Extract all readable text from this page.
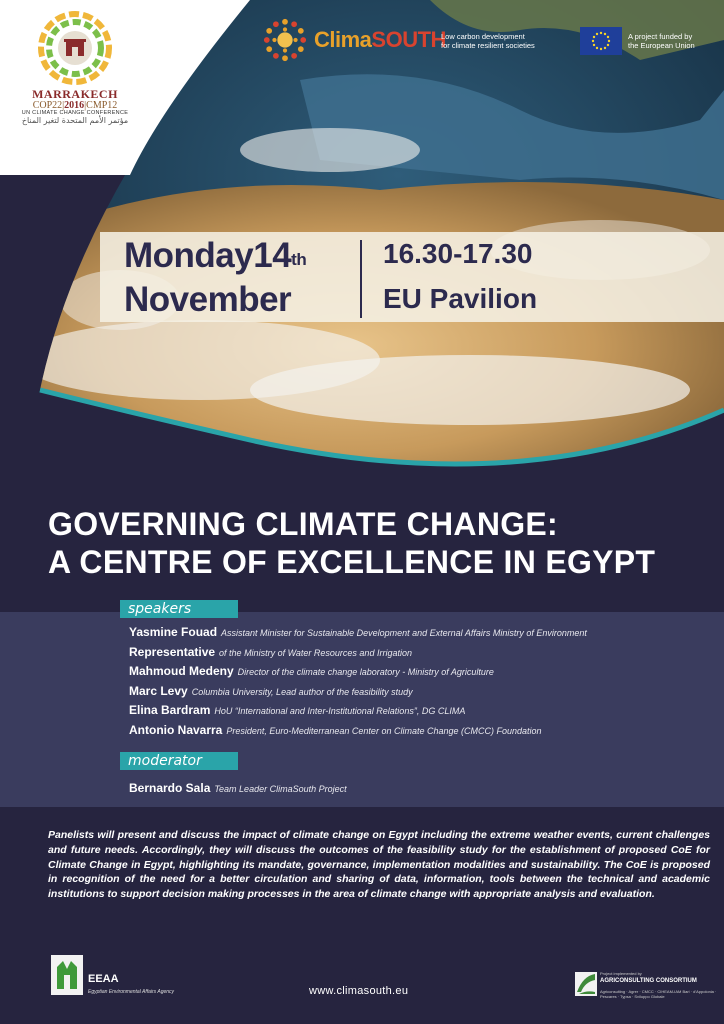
MARRAKECH
COP22|2016|CMP12
UN CLIMATE CHANGE CONFERENCE
مؤتمر الأمم المتحدة لتغير المناخ
ClimaSOUTH
Low carbon development
for climate resilient societies
A project funded by
the European Union
Monday14th
November
16.30-17.30
EU Pavilion
GOVERNING CLIMATE CHANGE:
A CENTRE OF EXCELLENCE IN EGYPT
speakers
Yasmine Fouad Assistant Minister for Sustainable Development and External Affairs Ministry of Environment
Representative of the Ministry of Water Resources and Irrigation
Mahmoud Medeny Director of the climate change laboratory - Ministry of Agriculture
Marc Levy Columbia University, Lead author of the feasibility study
Elina Bardram HoU “International and Inter-Institutional Relations”, DG CLIMA
Antonio Navarra President, Euro-Mediterranean Center on Climate Change (CMCC) Foundation
moderator
Bernardo Sala Team Leader ClimaSouth Project
Panelists will present and discuss the impact of climate change on Egypt including the extreme weather events, current challenges and future needs. Accordingly, they will discuss the outcomes of the feasibility study for the establishment of proposed CoE for Climate Change in Egypt, highlighting its mandate, governance, implementation modalities and sustainability. The CoE is proposed in recognition of the need for a better circulation and sharing of data, information, tools between the technical and academic institutions to support decision making processes in the area of climate change with appropriate analysis and evaluation.
EEAA
Egyptian Environmental Affairs Agency	www.climasouth.eu
Project implemented by
AGRICONSULTING CONSORTIUM
Agriconsulting · Agrer · CMCC · CIHEAM-IAM Bari · d'Appolonia · Pescares · Typsa · Sviluppo Globale
